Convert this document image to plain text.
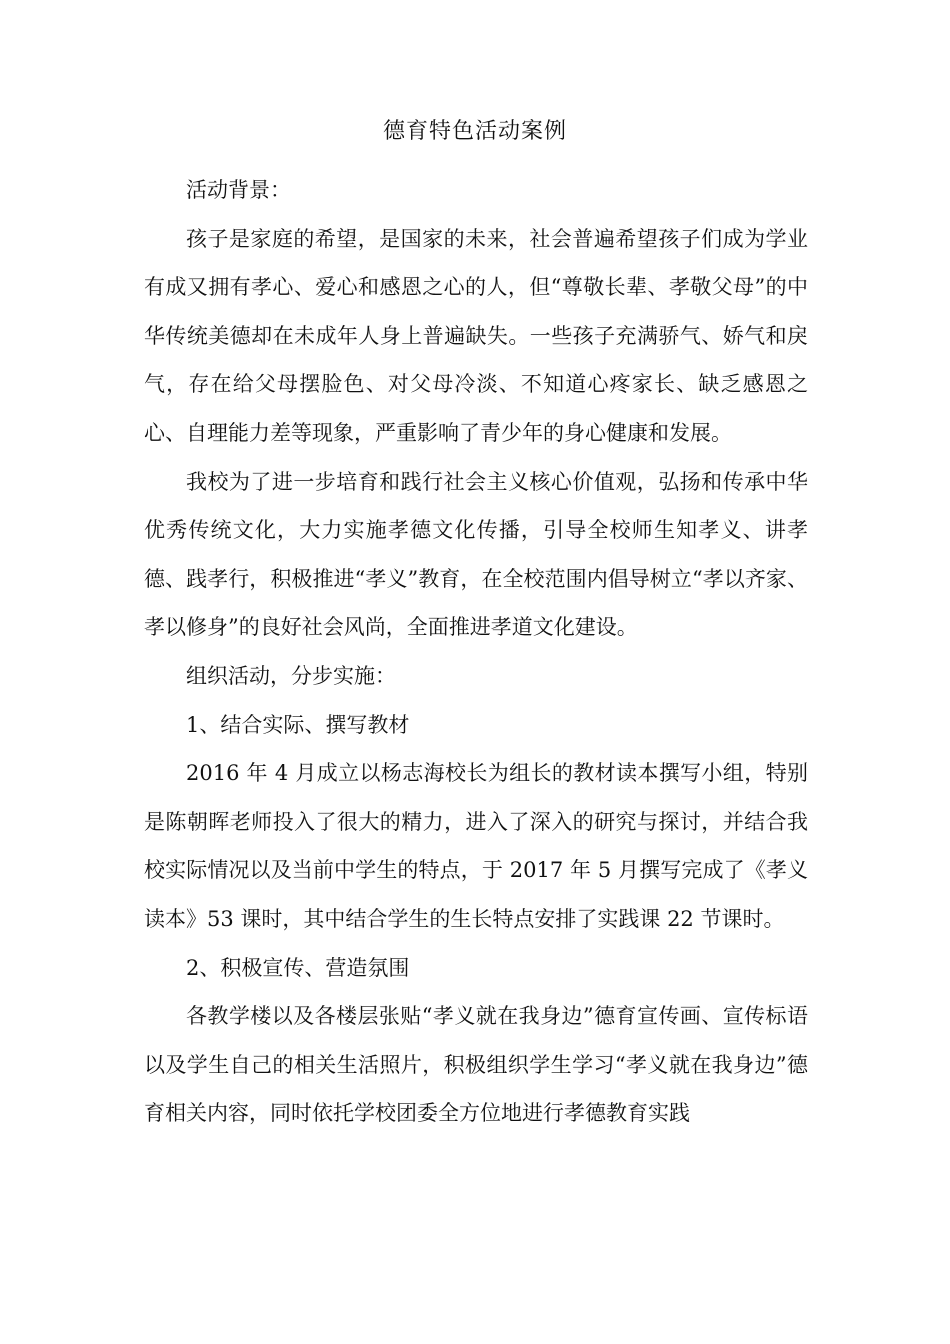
德育特色活动案例

活动背景：

孩子是家庭的希望，是国家的未来，社会普遍希望孩子们成为学业有成又拥有孝心、爱心和感恩之心的人，但“尊敬长辈、孝敬父母”的中华传统美德却在未成年人身上普遍缺失。一些孩子充满骄气、娇气和戾气，存在给父母摆脸色、对父母冷淡、不知道心疼家长、缺乏感恩之心、自理能力差等现象，严重影响了青少年的身心健康和发展。

我校为了进一步培育和践行社会主义核心价值观，弘扬和传承中华优秀传统文化，大力实施孝德文化传播，引导全校师生知孝义、讲孝德、践孝行，积极推进“孝义”教育，在全校范围内倡导树立“孝以齐家、孝以修身”的良好社会风尚，全面推进孝道文化建设。

组织活动，分步实施：

1、结合实际、撰写教材

2016 年 4 月成立以杨志海校长为组长的教材读本撰写小组，特别是陈朝晖老师投入了很大的精力，进入了深入的研究与探讨，并结合我校实际情况以及当前中学生的特点，于 2017 年 5 月撰写完成了《孝义读本》53 课时，其中结合学生的生长特点安排了实践课 22 节课时。

2、积极宣传、营造氛围

各教学楼以及各楼层张贴“孝义就在我身边”德育宣传画、宣传标语以及学生自己的相关生活照片，积极组织学生学习“孝义就在我身边”德育相关内容，同时依托学校团委全方位地进行孝德教育实践
